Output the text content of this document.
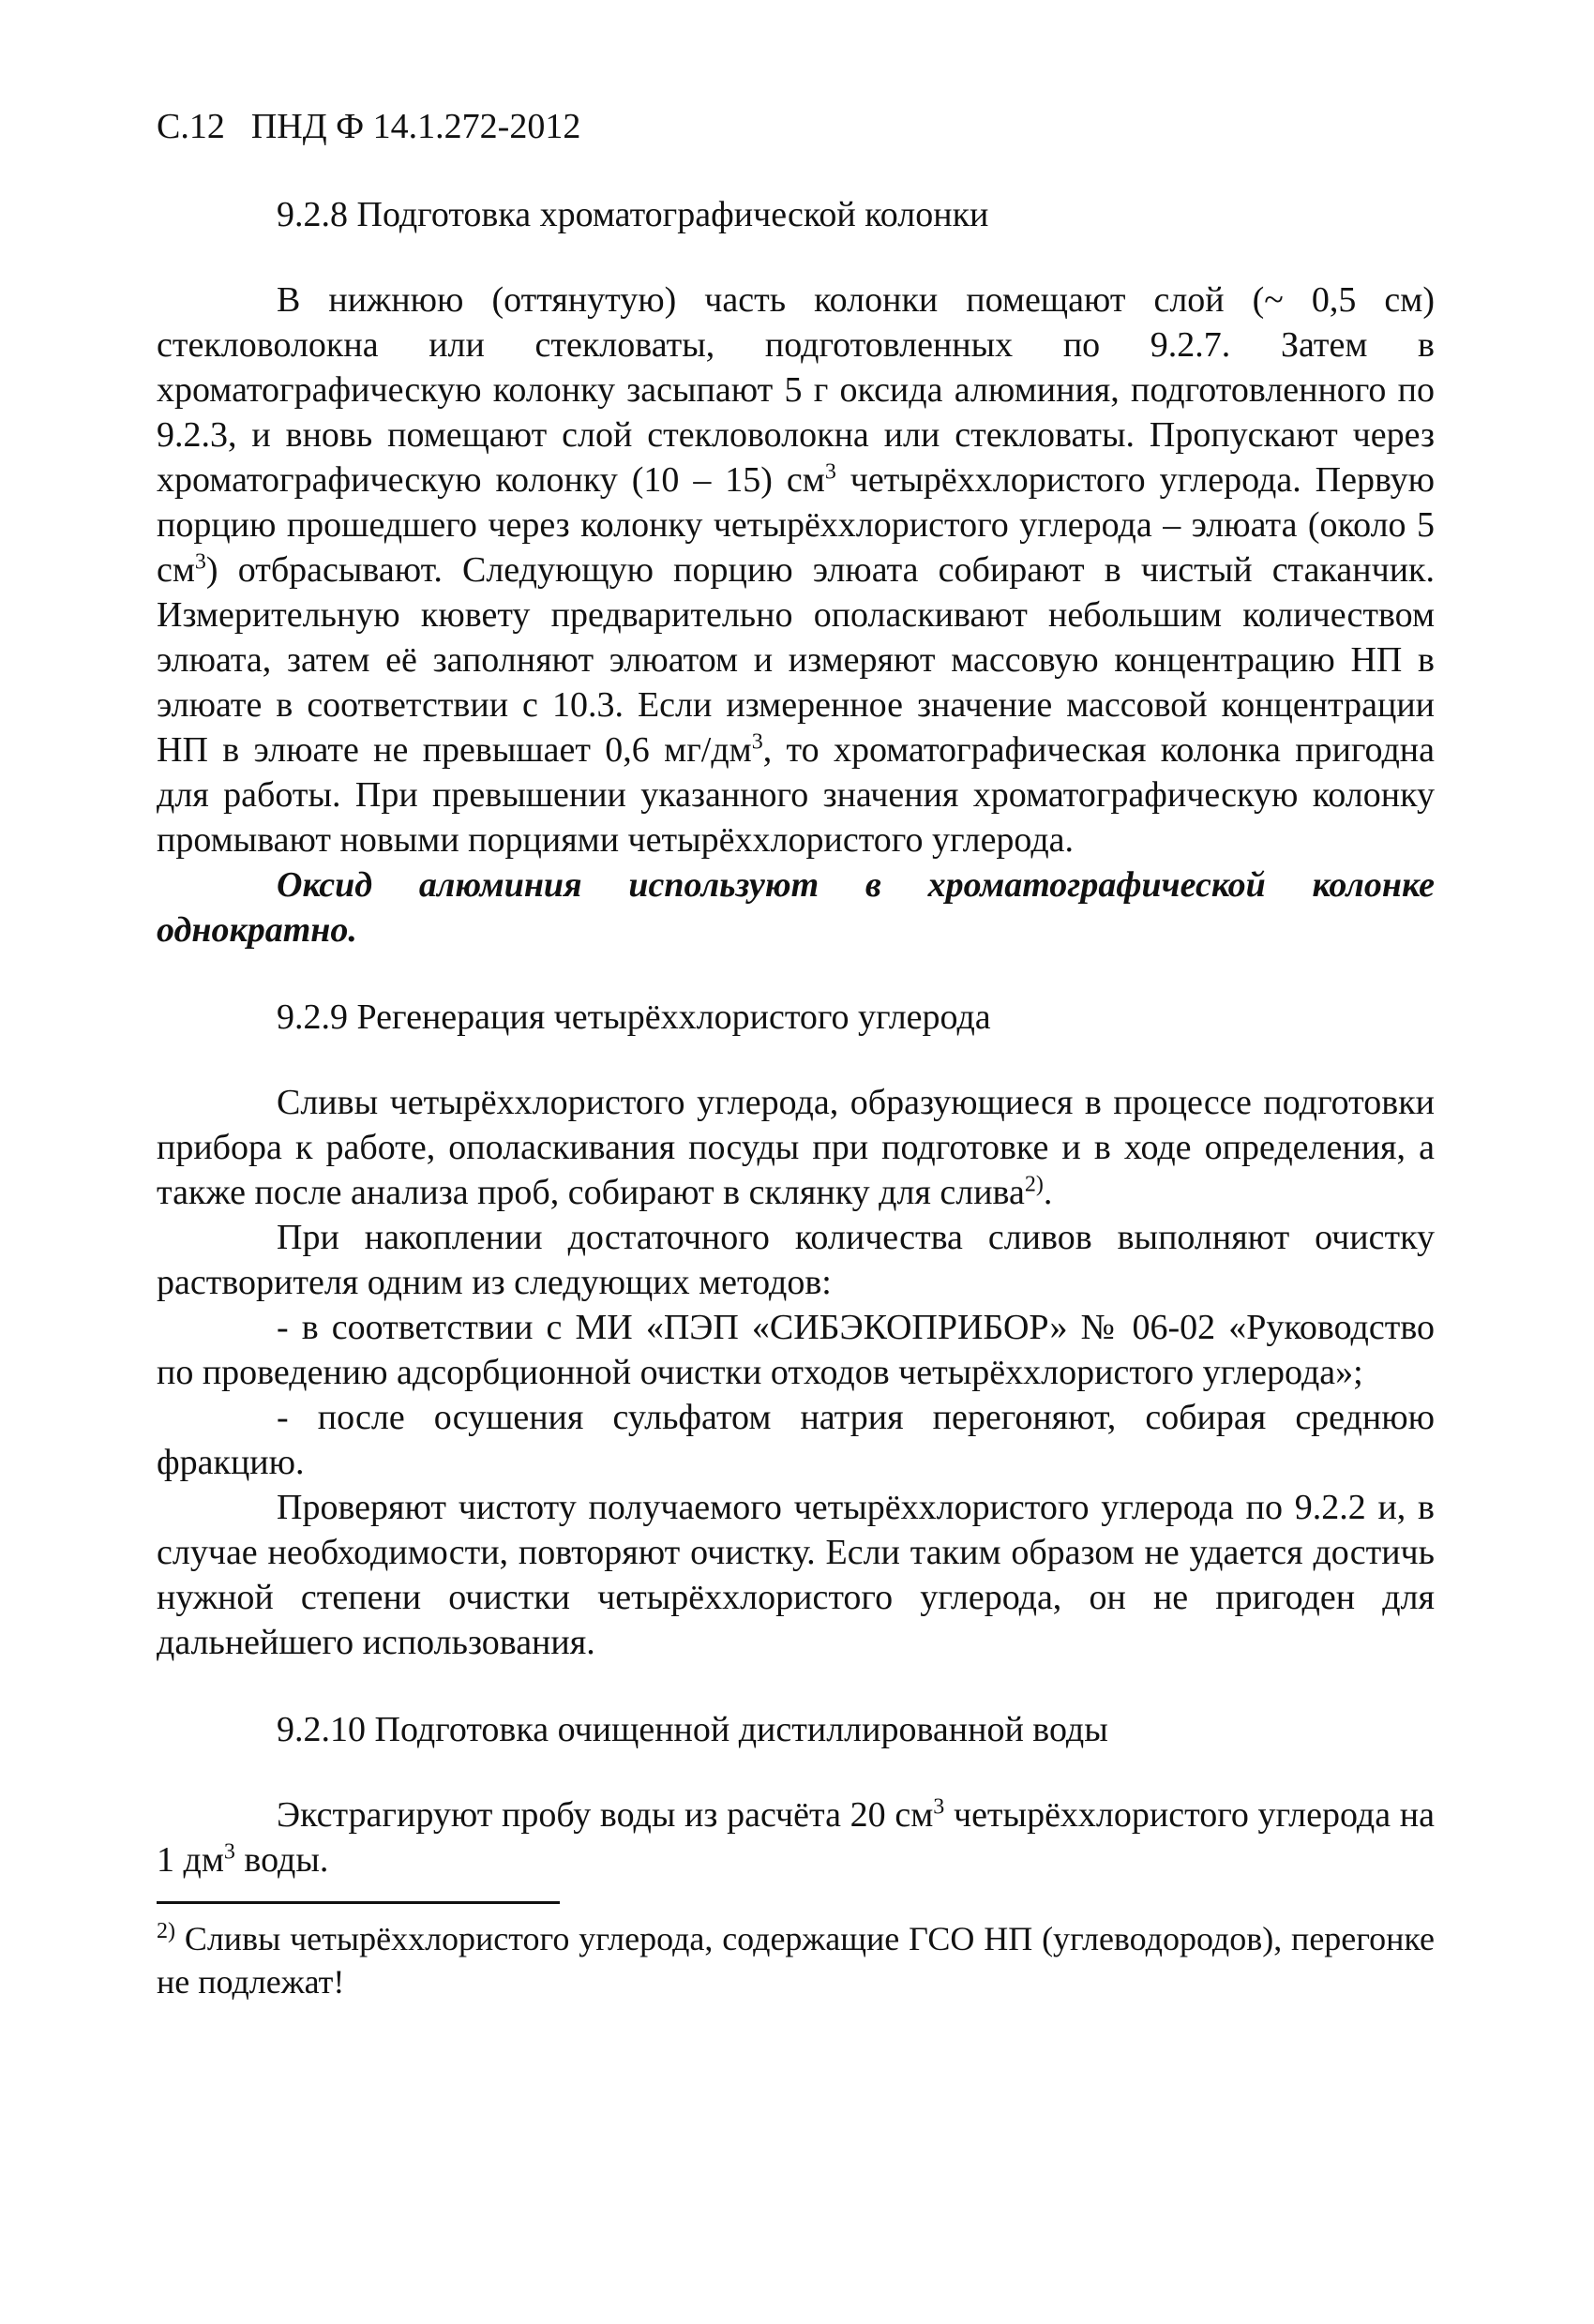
С.12 ПНД Ф 14.1.272-2012
9.2.8 Подготовка хроматографической колонки

В нижнюю (оттянутую) часть колонки помещают слой (~ 0,5 см) стекловолокна или стекловаты, подготовленных по 9.2.7. Затем в хроматографическую колонку засыпают 5 г оксида алюминия, подготовленного по 9.2.3, и вновь помещают слой стекловолокна или стекловаты. Пропускают через хроматографическую колонку (10 – 15) $см^3$ четырёххлористого углерода. Первую порцию прошедшего через колонку четырёххлористого углерода – элюата (около 5 $см^3$) отбрасывают. Следующую порцию элюата собирают в чистый стаканчик. Измерительную кювету предварительно ополаскивают небольшим количеством элюата, затем её заполняют элюатом и измеряют массовую концентрацию НП в элюате в соответствии с 10.3. Если измеренное значение массовой концентрации НП в элюате не превышает 0,6 $мг/дм^3$, то хроматографическая колонка пригодна для работы. При превышении указанного значения хроматографическую колонку промывают новыми порциями четырёххлористого углерода.

Оксид алюминия используют в хроматографической колонке однократно.

9.2.9 Регенерация четырёххлористого углерода

Сливы четырёххлористого углерода, образующиеся в процессе подготовки прибора к работе, ополаскивания посуды при подготовке и в ходе определения, а также после анализа проб, собирают в склянку для слива$^{2)}$.

При накоплении достаточного количества сливов выполняют очистку растворителя одним из следующих методов:

- в соответствии с МИ «ПЭП «СИБЭКОПРИБОР» № 06-02 «Руководство по проведению адсорбционной очистки отходов четырёххлористого углерода»;

- после осушения сульфатом натрия перегоняют, собирая среднюю фракцию.

Проверяют чистоту получаемого четырёххлористого углерода по 9.2.2 и, в случае необходимости, повторяют очистку. Если таким образом не удается достичь нужной степени очистки четырёххлористого углерода, он не пригоден для дальнейшего использования.

9.2.10 Подготовка очищенной дистиллированной воды

Экстрагируют пробу воды из расчёта 20 $см^3$ четырёххлористого углерода на 1 $дм^3$ воды.

$^{2)}$ Сливы четырёххлористого углерода, содержащие ГСО НП (углеводородов), перегонке не подлежат!
